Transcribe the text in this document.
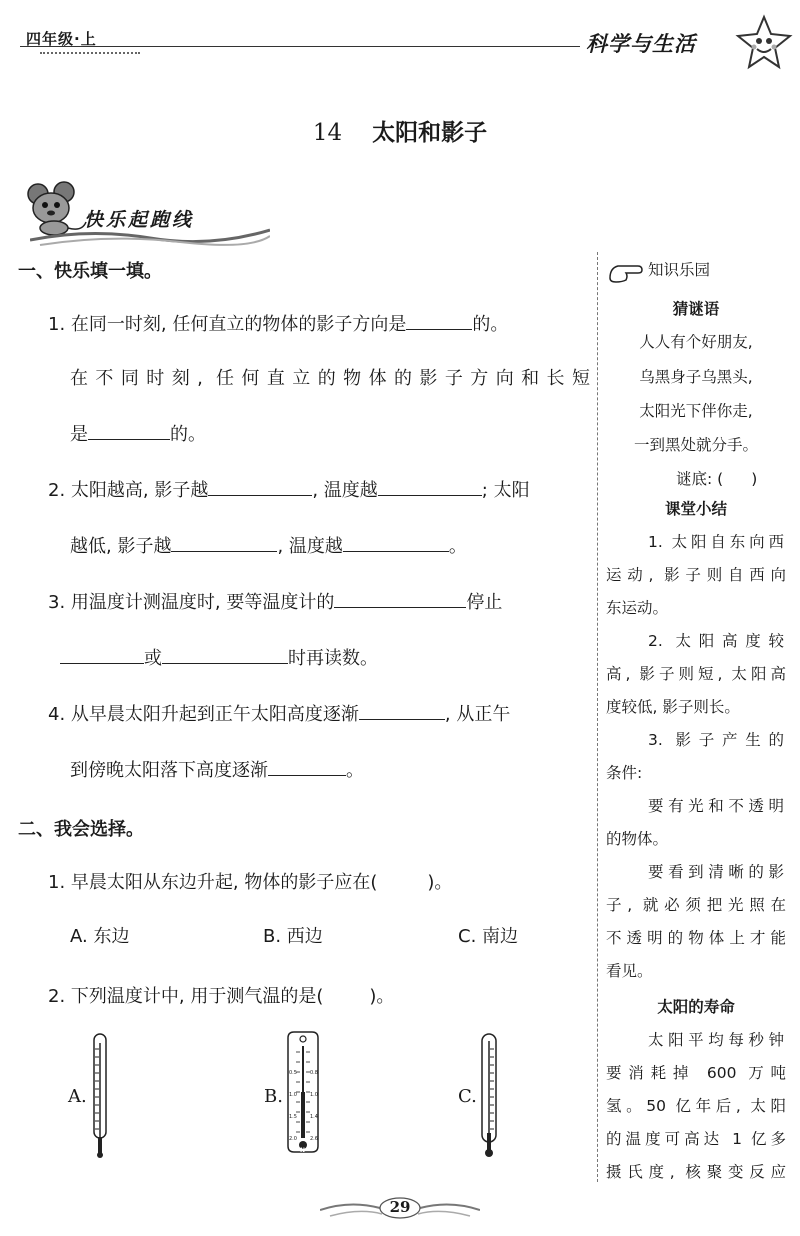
四年级·上	科学与生活
14 太阳和影子
快乐起跑线
一、快乐填一填。
1. 在同一时刻, 任何直立的物体的影子方向是	的。
在不同时刻, 任何直立的物体的影子方向和长短
是	的。
2. 太阳越高, 影子越	, 温度越	; 太阳
越低, 影子越	, 温度越	。
3. 用温度计测温度时, 要等温度计的	停止
或	时再读数。
4. 从早晨太阳升起到正午太阳高度逐渐	, 从正午
到傍晚太阳落下高度逐渐	。
二、我会选择。
1. 早晨太阳从东边升起, 物体的影子应在(	)。
A. 东边	B. 西边	C. 南边
2. 下列温度计中, 用于测气温的是(	)。
A.	B.
0.5
1.0
1.5
2.0
0.8
1.0
1.4
2.6
N
C.
知识乐园
猜谜语
人人有个好朋友,
乌黑身子乌黑头,
太阳光下伴你走,
一到黑处就分手。
谜底: ( )
课堂小结
1. 太阳自东向西
运动, 影子则自西向
东运动。
2. 太阳高度较
高, 影子则短, 太阳高
度较低, 影子则长。
3. 影子产生的
条件:
要有光和不透明
的物体。
要看到清晰的影
子, 就必须把光照在
不透明的物体上才能
看见。
太阳的寿命
太阳平均每秒钟
要消耗掉 600 万吨
氢。50 亿年后, 太阳
的温度可高达 1 亿多
摄氏度, 核聚变反应
29
